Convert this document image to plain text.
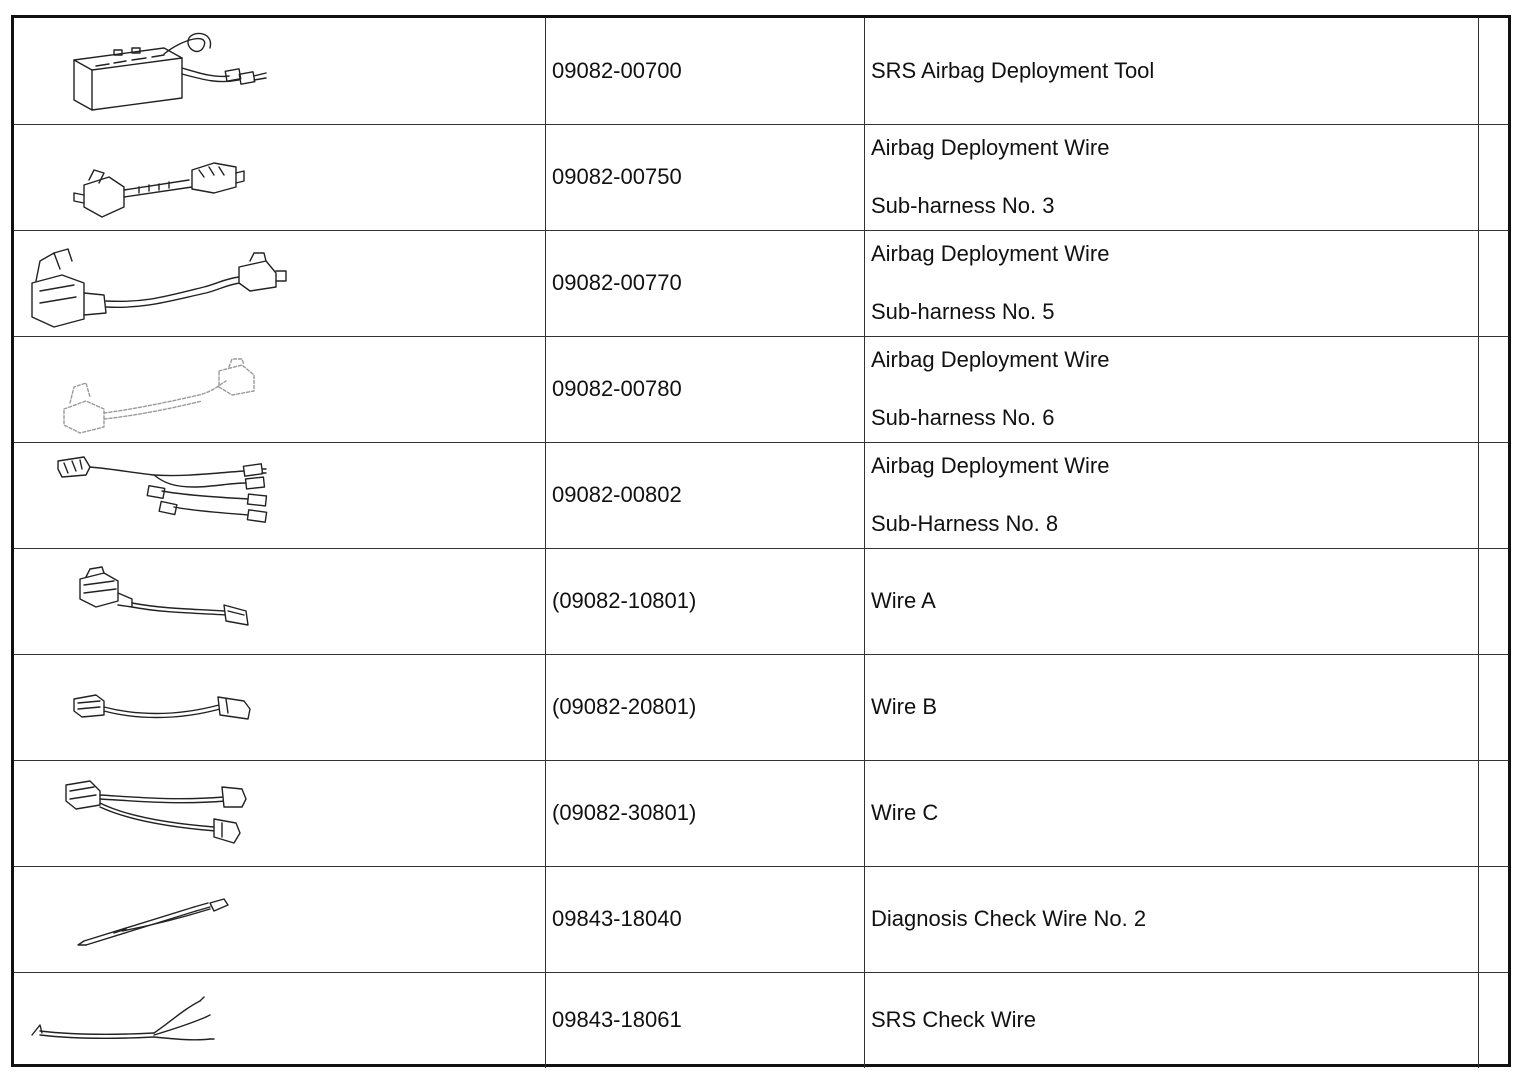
	09082-00700	SRS Airbag Deployment Tool	

	09082-00750	Airbag Deployment Wire
Sub-harness No. 3	

	09082-00770	Airbag Deployment Wire
Sub-harness No. 5	

	09082-00780	Airbag Deployment Wire
Sub-harness No. 6	

	09082-00802	Airbag Deployment Wire
Sub-Harness No. 8	

	(09082-10801)	Wire A	

	(09082-20801)	Wire B	

	(09082-30801)	Wire C	

	09843-18040	Diagnosis Check Wire No. 2	

	09843-18061	SRS Check Wire	
